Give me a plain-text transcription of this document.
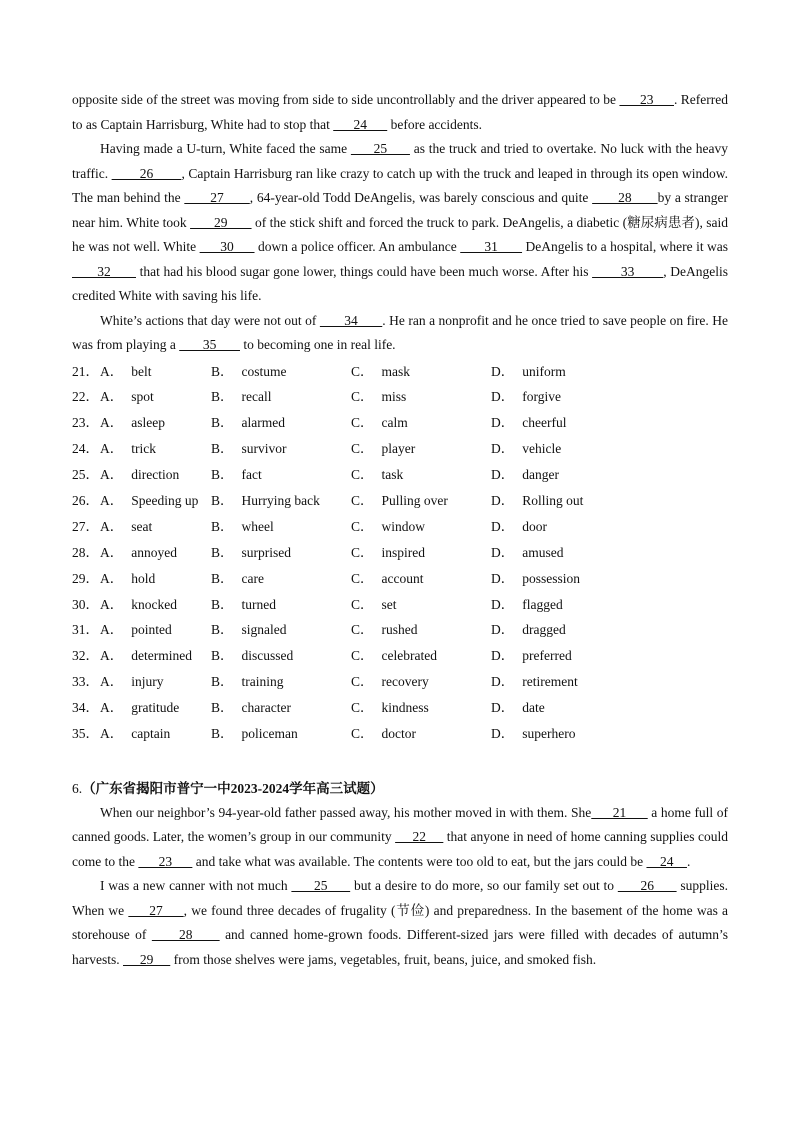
opposite side of the street was moving from side to side uncontrollably and the driver appeared to be       23      . Referred to as Captain Harrisburg, White had to stop that       24       before accidents.

Having made a U-turn, White faced the same       25       as the truck and tried to overtake. No luck with the heavy traffic.         26        , Captain Harrisburg ran like crazy to catch up with the truck and leaped in through its open window. The man behind the        27       , 64-year-old Todd DeAngelis, was barely conscious and quite        28       by a stranger near him. White took        29        of the stick shift and forced the truck to park. DeAngelis, a diabetic (糖尿病患者), said he was not well. White       30       down a police officer. An ambulance        31        DeAngelis to a hospital, where it was        32        that had his blood sugar gone lower, things could have been much worse. After his         33        , DeAngelis credited White with saving his life.

White’s actions that day were not out of        34       . He ran a nonprofit and he once tried to save people on fire. He was from playing a        35        to becoming one in real life.

21． A． belt	B． costume	C． mask	D． uniform
22． A． spot	B． recall	C． miss	D． forgive
23． A． asleep	B． alarmed	C． calm	D． cheerful
24． A． trick	B． survivor	C． player	D． vehicle
25． A． direction B． fact	C． task	D． danger
26． A． Speeding up B． Hurrying back C． Pulling over	D． Rolling out
27． A． seat	B． wheel	C． window	D． door
28． A． annoyed	B． surprised	C． inspired	D． amused
29． A． hold	B． care	C． account	D． possession
30． A． knocked	B． turned	C． set	D． flagged
31． A． pointed	B． signaled	C． rushed	D． dragged
32． A． determined B． discussed	C． celebrated	D． preferred
33． A． injury	B． training	C． recovery	D． retirement
34． A． gratitude B． character	C． kindness	D． date
35． A． captain	B． policeman	C． doctor	D． superhero
6.（广东省揭阳市普宁一中2023-2024学年高三试题）

When our neighbor’s 94-year-old father passed away, his mother moved in with them. She      21       a home full of canned goods. Later, the women’s group in our community      22      that anyone in need of home canning supplies could come to the       23       and take what was available. The contents were too old to eat, but the jars could be     24    .

I was a new canner with not much       25       but a desire to do more, so our family set out to       26       supplies. When we      27     , we found three decades of frugality (节俭) and preparedness. In the basement of the home was a storehouse of      28      and canned home-grown foods. Different-sized jars were filled with decades of autumn’s harvests.      29      from those shelves were jams, vegetables, fruit, beans, juice, and smoked fish.
